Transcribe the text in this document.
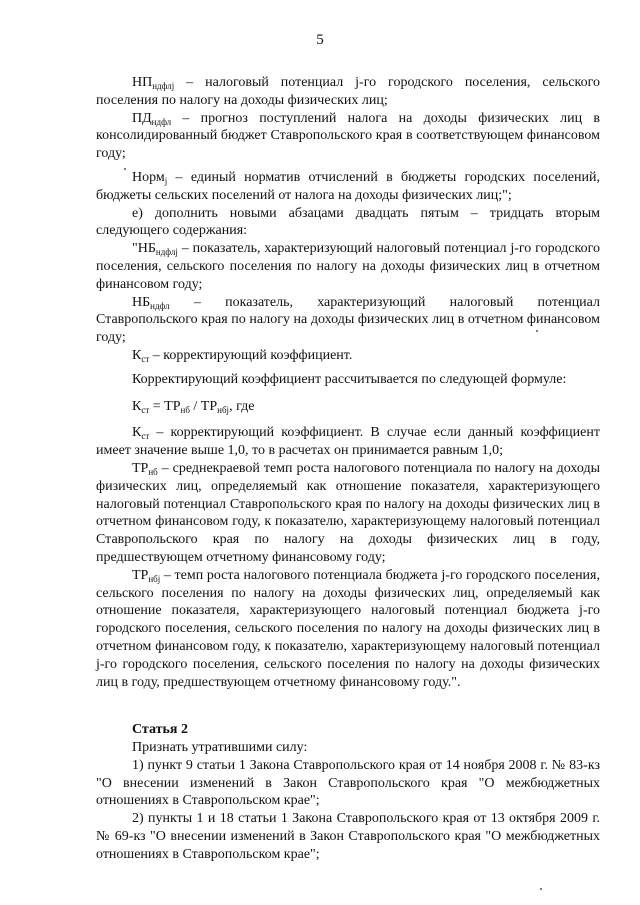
5

$НП_{ндфлj}$ – налоговый потенциал j-го городского поселения, сельского поселения по налогу на доходы физических лиц;

$ПД_{ндфл}$ – прогноз поступлений налога на доходы физических лиц в консолидированный бюджет Ставропольского края в соответствующем финансовом году;

Норм$_j$ – единый норматив отчислений в бюджеты городских поселений, бюджеты сельских поселений от налога на доходы физических лиц;";

е) дополнить новыми абзацами двадцать пятым – тридцать вторым следующего содержания:

"$НБ_{ндфлj}$ – показатель, характеризующий налоговый потенциал j-го городского поселения, сельского поселения по налогу на доходы физических лиц в отчетном финансовом году;

$НБ_{ндфл}$ – показатель, характеризующий налоговый потенциал Ставропольского края по налогу на доходы физических лиц в отчетном финансовом году;

$К_{ст}$ – корректирующий коэффициент.

Корректирующий коэффициент рассчитывается по следующей формуле:

$К_{ст} = ТР_{нб} / ТР_{нбj}$, где

$К_{ст}$ – корректирующий коэффициент. В случае если данный коэффициент имеет значение выше 1,0, то в расчетах он принимается равным 1,0;

$ТР_{нб}$ – среднекраевой темп роста налогового потенциала по налогу на доходы физических лиц, определяемый как отношение показателя, характеризующего налоговый потенциал Ставропольского края по налогу на доходы физических лиц в отчетном финансовом году, к показателю, характеризующему налоговый потенциал Ставропольского края по налогу на доходы физических лиц в году, предшествующем отчетному финансовому году;

$ТР_{нбj}$ – темп роста налогового потенциала бюджета j-го городского поселения, сельского поселения по налогу на доходы физических лиц, определяемый как отношение показателя, характеризующего налоговый потенциал бюджета j-го городского поселения, сельского поселения по налогу на доходы физических лиц в отчетном финансовом году, к показателю, характеризующему налоговый потенциал j-го городского поселения, сельского поселения по налогу на доходы физических лиц в году, предшествующем отчетному финансовому году.".

Статья 2

Признать утратившими силу:

1) пункт 9 статьи 1 Закона Ставропольского края от 14 ноября 2008 г. № 83-кз "О внесении изменений в Закон Ставропольского края "О межбюджетных отношениях в Ставропольском крае";

2) пункты 1 и 18 статьи 1 Закона Ставропольского края от 13 октября 2009 г. № 69-кз "О внесении изменений в Закон Ставропольского края "О межбюджетных отношениях в Ставропольском крае";
